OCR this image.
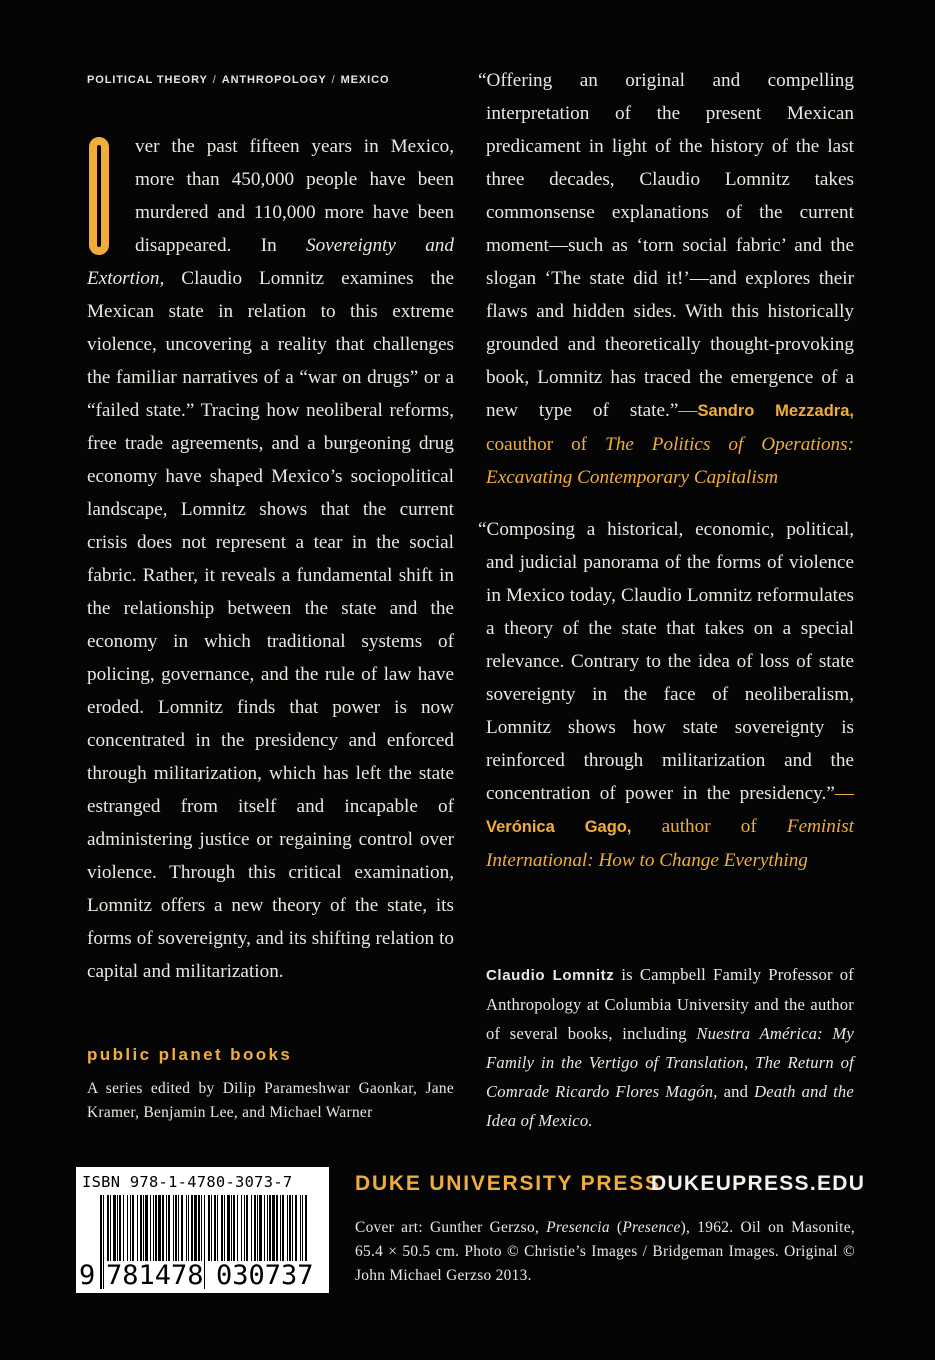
POLITICAL THEORY / ANTHROPOLOGY / MEXICO

ver the past fifteen years in Mexico, more than 450,000 people have been murdered and 110,000 more have been disappeared. In Sovereignty and Extortion, Claudio Lomnitz examines the Mexican state in relation to this extreme violence, uncovering a reality that challenges the familiar narratives of a “war on drugs” or a “failed state.” Tracing how neoliberal reforms, free trade agreements, and a burgeoning drug economy have shaped Mexico’s sociopolitical landscape, Lomnitz shows that the current crisis does not represent a tear in the social fabric. Rather, it reveals a fundamental shift in the relationship between the state and the economy in which traditional systems of policing, governance, and the rule of law have eroded. Lomnitz finds that power is now concentrated in the presidency and enforced through militarization, which has left the state estranged from itself and incapable of administering justice or regaining control over violence. Through this critical examination, Lomnitz offers a new theory of the state, its forms of sovereignty, and its shifting relation to capital and militarization.

public planet books
A series edited by Dilip Parameshwar Gaonkar, Jane Kramer, Benjamin Lee, and Michael Warner

“Offering an original and compelling interpretation of the present Mexican predicament in light of the history of the last three decades, Claudio Lomnitz takes commonsense explanations of the current moment—such as ‘torn social fabric’ and the slogan ‘The state did it!’—and explores their flaws and hidden sides. With this historically grounded and theoretically thought-provoking book, Lomnitz has traced the emergence of a new type of state.”—Sandro Mezzadra, coauthor of The Politics of Operations: Excavating Contemporary Capitalism

“Composing a historical, economic, political, and judicial panorama of the forms of violence in Mexico today, Claudio Lomnitz reformulates a theory of the state that takes on a special relevance. Contrary to the idea of loss of state sovereignty in the face of neoliberalism, Lomnitz shows how state sovereignty is reinforced through militarization and the concentration of power in the presidency.”—Verónica Gago, author of Feminist International: How to Change Everything

Claudio Lomnitz is Campbell Family Professor of Anthropology at Columbia University and the author of several books, including Nuestra América: My Family in the Vertigo of Translation, The Return of Comrade Ricardo Flores Magón, and Death and the Idea of Mexico.
ISBN 978-1-4780-3073-7
9 781478 030737
DUKE UNIVERSITY PRESS
DUKEUPRESS.EDU
Cover art: Gunther Gerzso, Presencia (Presence), 1962. Oil on Masonite, 65.4 × 50.5 cm. Photo © Christie’s Images / Bridgeman Images. Original © John Michael Gerzso 2013.
